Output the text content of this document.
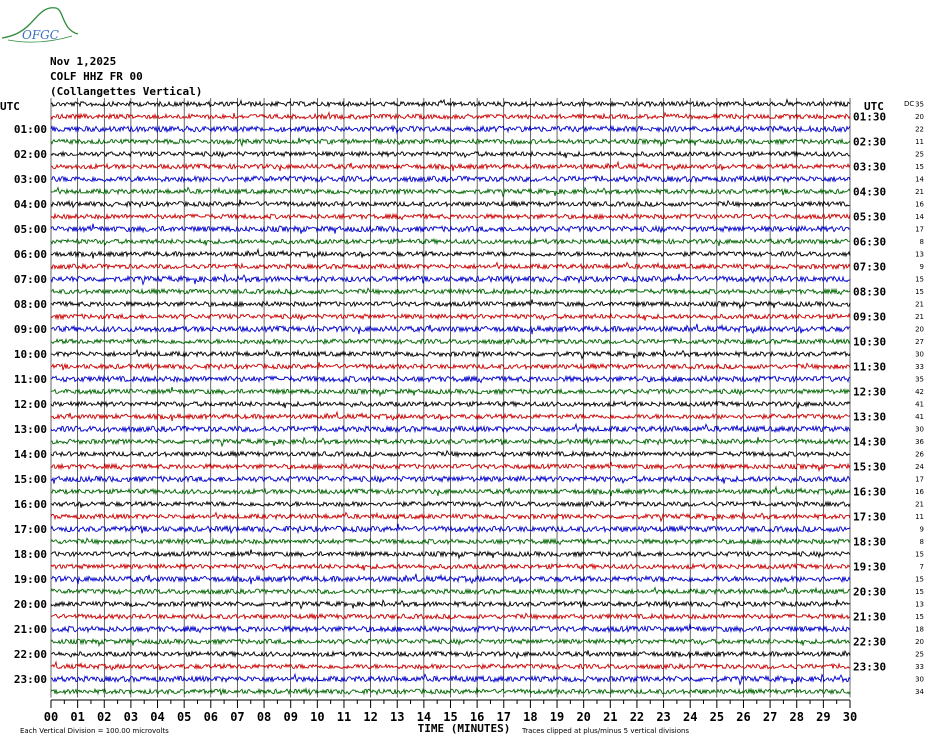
OFGC
Nov 1,2025
COLF HHZ FR 00
(Collangettes Vertical)
01:00
02:00
03:00
04:00
05:00
06:00
07:00
08:00
09:00
10:00
11:00
12:00
13:00
14:00
15:00
16:00
17:00
18:00
19:00
20:00
21:00
22:00
23:00
01:30
02:30
03:30
04:30
05:30
06:30
07:30
08:30
09:30
10:30
11:30
12:30
13:30
14:30
15:30
16:30
17:30
18:30
19:30
20:30
21:30
22:30
23:30
35
20
22
11
25
15
14
21
16
14
17
8
13
9
15
15
21
21
20
27
30
33
35
42
41
41
30
36
26
24
17
16
21
11
9
8
15
7
15
15
13
15
18
20
25
33
30
34
00 01 02 03 04 05 06 07 08 09 10 11 12 13 14 15 16 17 18 19 20 21 22 23 24 25 26 27 28 29 30
UTC	UTC	DC
TIME (MINUTES)
Each Vertical Division = 100.00 microvolts	Traces clipped at plus/minus 5 vertical divisions
